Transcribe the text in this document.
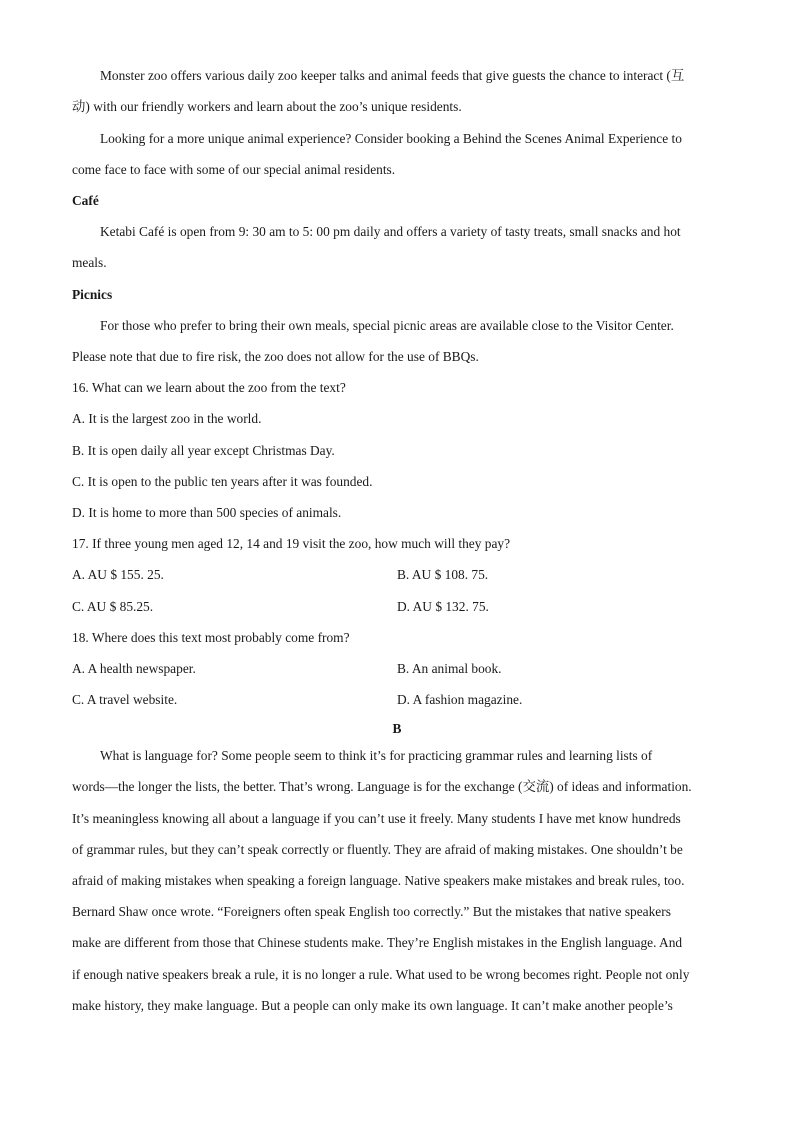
Monster zoo offers various daily zoo keeper talks and animal feeds that give guests the chance to interact (互
动) with our friendly workers and learn about the zoo’s unique residents.
Looking for a more unique animal experience? Consider booking a Behind the Scenes Animal Experience to
come face to face with some of our special animal residents.
Café
Ketabi Café is open from 9: 30 am to 5: 00 pm daily and offers a variety of tasty treats, small snacks and hot
meals.
Picnics
For those who prefer to bring their own meals, special picnic areas are available close to the Visitor Center.
Please note that due to fire risk, the zoo does not allow for the use of BBQs.
16. What can we learn about the zoo from the text?
A. It is the largest zoo in the world.
B. It is open daily all year except Christmas Day.
C. It is open to the public ten years after it was founded.
D. It is home to more than 500 species of animals.
17. If three young men aged 12, 14 and 19 visit the zoo, how much will they pay?
A. AU $ 155. 25.	B. AU $ 108. 75.
C. AU $ 85.25.	D. AU $ 132. 75.
18. Where does this text most probably come from?
A. A health newspaper.	B. An animal book.
C. A travel website.	D. A fashion magazine.
B
What is language for? Some people seem to think it’s for practicing grammar rules and learning lists of
words—the longer the lists, the better. That’s wrong. Language is for the exchange (交流) of ideas and information.
It’s meaningless knowing all about a language if you can’t use it freely. Many students I have met know hundreds
of grammar rules, but they can’t speak correctly or fluently. They are afraid of making mistakes. One shouldn’t be
afraid of making mistakes when speaking a foreign language. Native speakers make mistakes and break rules, too.
Bernard Shaw once wrote. “Foreigners often speak English too correctly.” But the mistakes that native speakers
make are different from those that Chinese students make. They’re English mistakes in the English language. And
if enough native speakers break a rule, it is no longer a rule. What used to be wrong becomes right. People not only
make history, they make language. But a people can only make its own language. It can’t make another people’s
